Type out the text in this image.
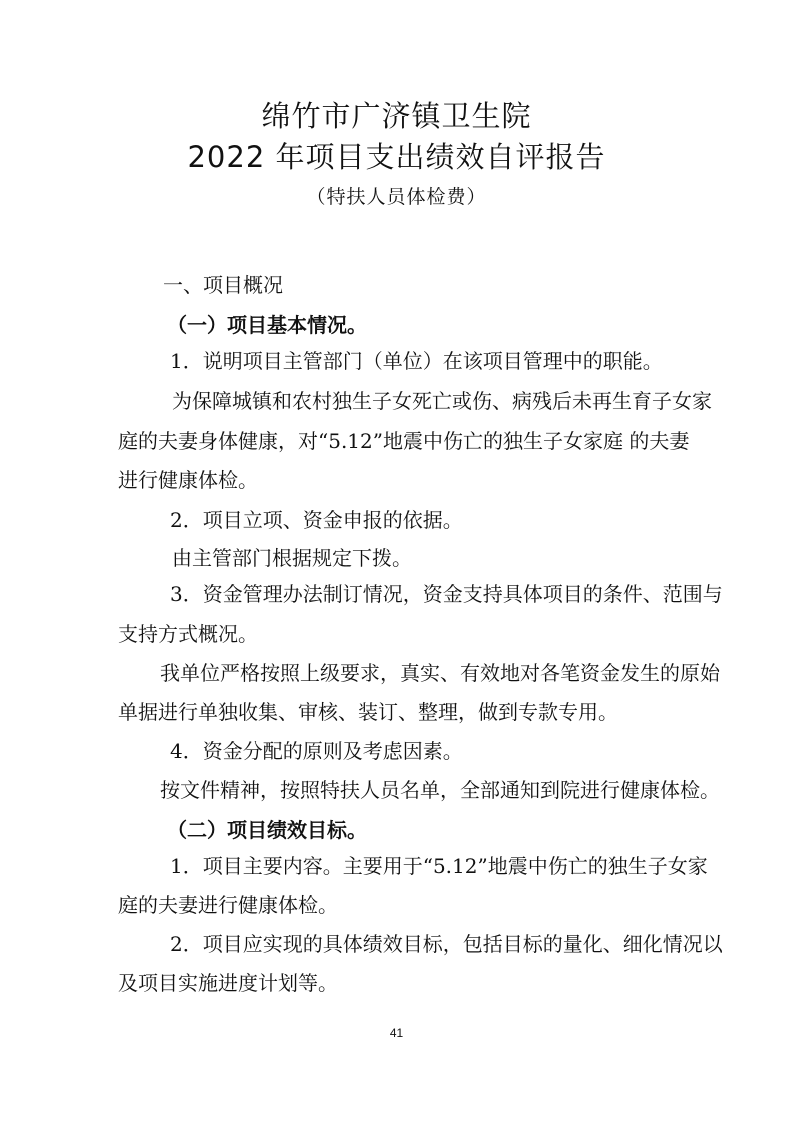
绵竹市广济镇卫生院
2022 年项目支出绩效自评报告
（特扶人员体检费）
一、项目概况
（一）项目基本情况。
1．说明项目主管部门（单位）在该项目管理中的职能。
为保障城镇和农村独生子女死亡或伤、病残后未再生育子女家
庭的夫妻身体健康，对“5.12”地震中伤亡的独生子女家庭 的夫妻
进行健康体检。
2．项目立项、资金申报的依据。
由主管部门根据规定下拨。
3．资金管理办法制订情况，资金支持具体项目的条件、范围与
支持方式概况。
我单位严格按照上级要求，真实、有效地对各笔资金发生的原始
单据进行单独收集、审核、装订、整理，做到专款专用。
4．资金分配的原则及考虑因素。
按文件精神，按照特扶人员名单，全部通知到院进行健康体检。
（二）项目绩效目标。
1．项目主要内容。主要用于“5.12”地震中伤亡的独生子女家
庭的夫妻进行健康体检。
2．项目应实现的具体绩效目标，包括目标的量化、细化情况以
及项目实施进度计划等。
41
